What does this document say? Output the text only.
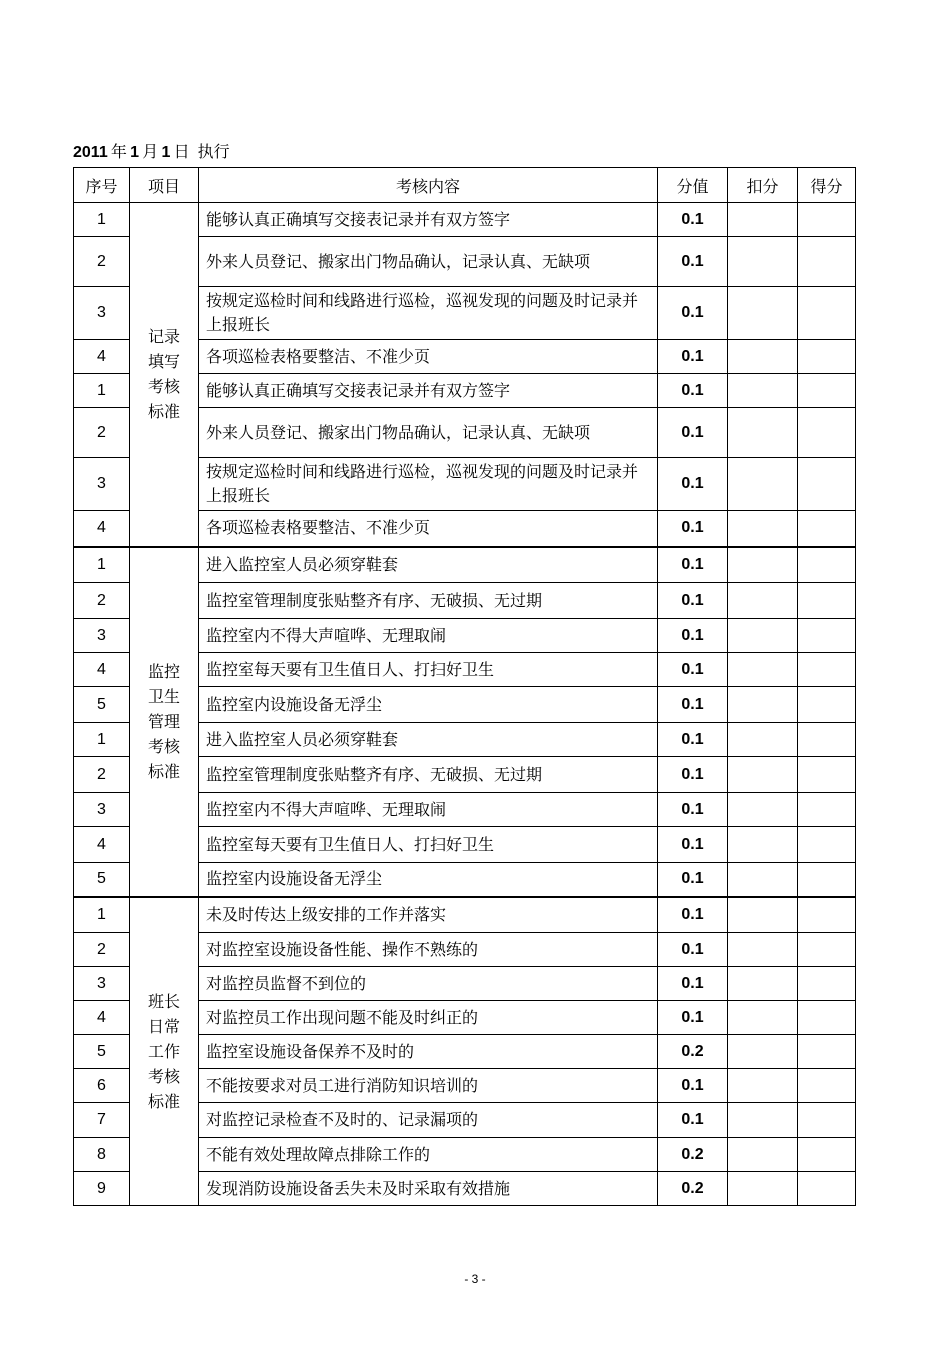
2011  年  1  月  1  日  执行
序号	项目	考核内容	分值	扣分	得分
1	记录填写考核标准	能够认真正确填写交接表记录并有双方签字	0.1		
2		外来人员登记、搬家出门物品确认，记录认真、无缺项	0.1		
3		按规定巡检时间和线路进行巡检，巡视发现的问题及时记录并上报班长	0.1		
4		各项巡检表格要整洁、不准少页	0.1		
1		能够认真正确填写交接表记录并有双方签字	0.1		
2		外来人员登记、搬家出门物品确认，记录认真、无缺项	0.1		
3		按规定巡检时间和线路进行巡检，巡视发现的问题及时记录并上报班长	0.1		
4		各项巡检表格要整洁、不准少页	0.1		
1	监控卫生管理考核标准	进入监控室人员必须穿鞋套	0.1		
2		监控室管理制度张贴整齐有序、无破损、无过期	0.1		
3		监控室内不得大声喧哗、无理取闹	0.1		
4		监控室每天要有卫生值日人、打扫好卫生	0.1		
5		监控室内设施设备无浮尘	0.1		
1		进入监控室人员必须穿鞋套	0.1		
2		监控室管理制度张贴整齐有序、无破损、无过期	0.1		
3		监控室内不得大声喧哗、无理取闹	0.1		
4		监控室每天要有卫生值日人、打扫好卫生	0.1		
5		监控室内设施设备无浮尘	0.1		
1	班长日常工作考核标准	未及时传达上级安排的工作并落实	0.1		
2		对监控室设施设备性能、操作不熟练的	0.1		
3		对监控员监督不到位的	0.1		
4		对监控员工作出现问题不能及时纠正的	0.1		
5		监控室设施设备保养不及时的	0.2		
6		不能按要求对员工进行消防知识培训的	0.1		
7		对监控记录检查不及时的、记录漏项的	0.1		
8		不能有效处理故障点排除工作的	0.2		
9		发现消防设施设备丢失未及时采取有效措施	0.2		
- 3 -
